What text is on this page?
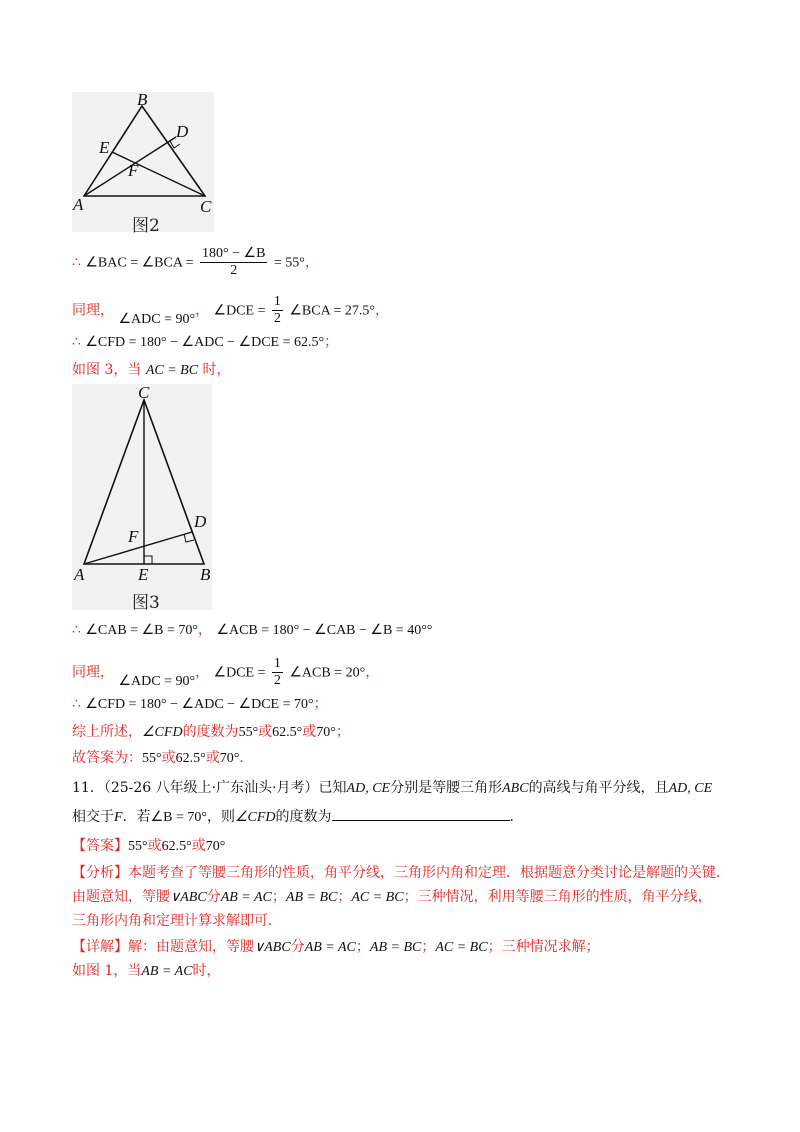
B
D
E
F
A	C
图2
∴ ∠BAC = ∠BCA = $\frac{180^\circ - \angle B}{2} = 55^\circ$，
同理， ∠ADC = 90°， ∠DCE = $\frac{1}{2}$ ∠BCA = 27.5°，
∴ ∠CFD = 180° − ∠ADC − ∠DCE = 62.5°；
如图 3，当 AC = BC 时，
C
D
F
A	E	B
图3
∴ ∠CAB = ∠B = 70°， ∠ACB = 180° − ∠CAB − ∠B = 40°°
同理， ∠ADC = 90°， ∠DCE = $\frac{1}{2}$ ∠ACB = 20°，
∴ ∠CFD = 180° − ∠ADC − ∠DCE = 70°；
综上所述，∠CFD的度数为55°或62.5°或70°；
故答案为：55°或62.5°或70°．
11．（25-26 八年级上·广东汕头·月考）已知AD, CE分别是等腰三角形ABC的高线与角平分线，且AD, CE
相交于F．若∠B = 70°，则∠CFD的度数为	．
【答案】55°或62.5°或70°
【分析】本题考查了等腰三角形的性质，角平分线，三角形内角和定理．根据题意分类讨论是解题的关键．
由题意知，等腰∨ABC分AB = AC；AB = BC；AC = BC；三种情况，利用等腰三角形的性质，角平分线，
三角形内角和定理计算求解即可．
【详解】解：由题意知，等腰∨ABC分AB = AC；AB = BC；AC = BC；三种情况求解；
如图 1，当AB = AC时，
